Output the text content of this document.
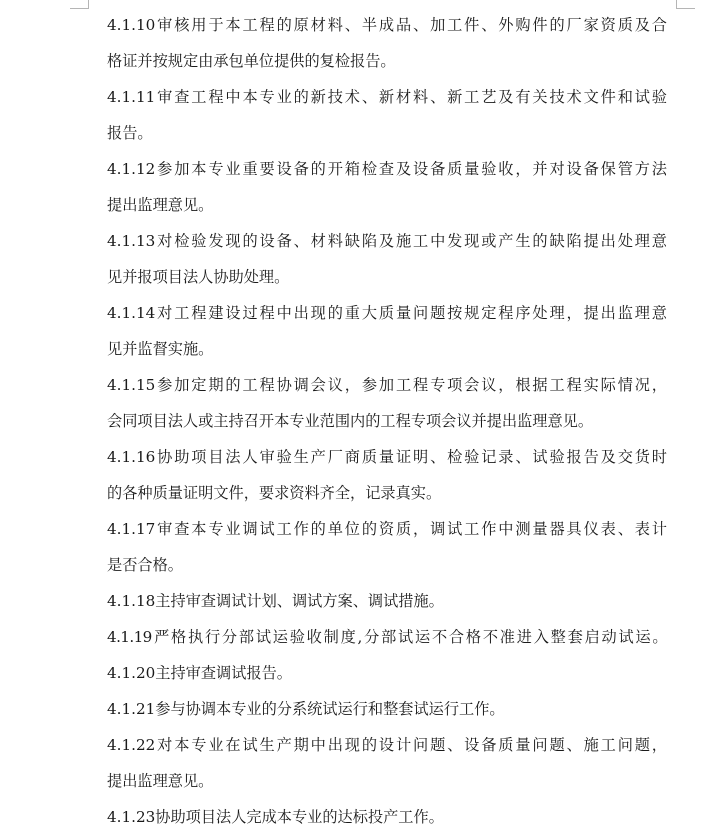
4.1.10审核用于本工程的原材料、半成品、加工件、外购件的厂家资质及合
格证并按规定由承包单位提供的复检报告。
4.1.11审查工程中本专业的新技术、新材料、新工艺及有关技术文件和试验
报告。
4.1.12参加本专业重要设备的开箱检查及设备质量验收，并对设备保管方法
提出监理意见。
4.1.13对检验发现的设备、材料缺陷及施工中发现或产生的缺陷提出处理意
见并报项目法人协助处理。
4.1.14对工程建设过程中出现的重大质量问题按规定程序处理，提出监理意
见并监督实施。
4.1.15参加定期的工程协调会议，参加工程专项会议，根据工程实际情况，
会同项目法人或主持召开本专业范围内的工程专项会议并提出监理意见。
4.1.16协助项目法人审验生产厂商质量证明、检验记录、试验报告及交货时
的各种质量证明文件，要求资料齐全，记录真实。
4.1.17审查本专业调试工作的单位的资质，调试工作中测量器具仪表、表计
是否合格。
4.1.18主持审查调试计划、调试方案、调试措施。
4.1.19严格执行分部试运验收制度,分部试运不合格不准进入整套启动试运。
4.1.20主持审查调试报告。
4.1.21参与协调本专业的分系统试运行和整套试运行工作。
4.1.22对本专业在试生产期中出现的设计问题、设备质量问题、施工问题，
提出监理意见。
4.1.23协助项目法人完成本专业的达标投产工作。
